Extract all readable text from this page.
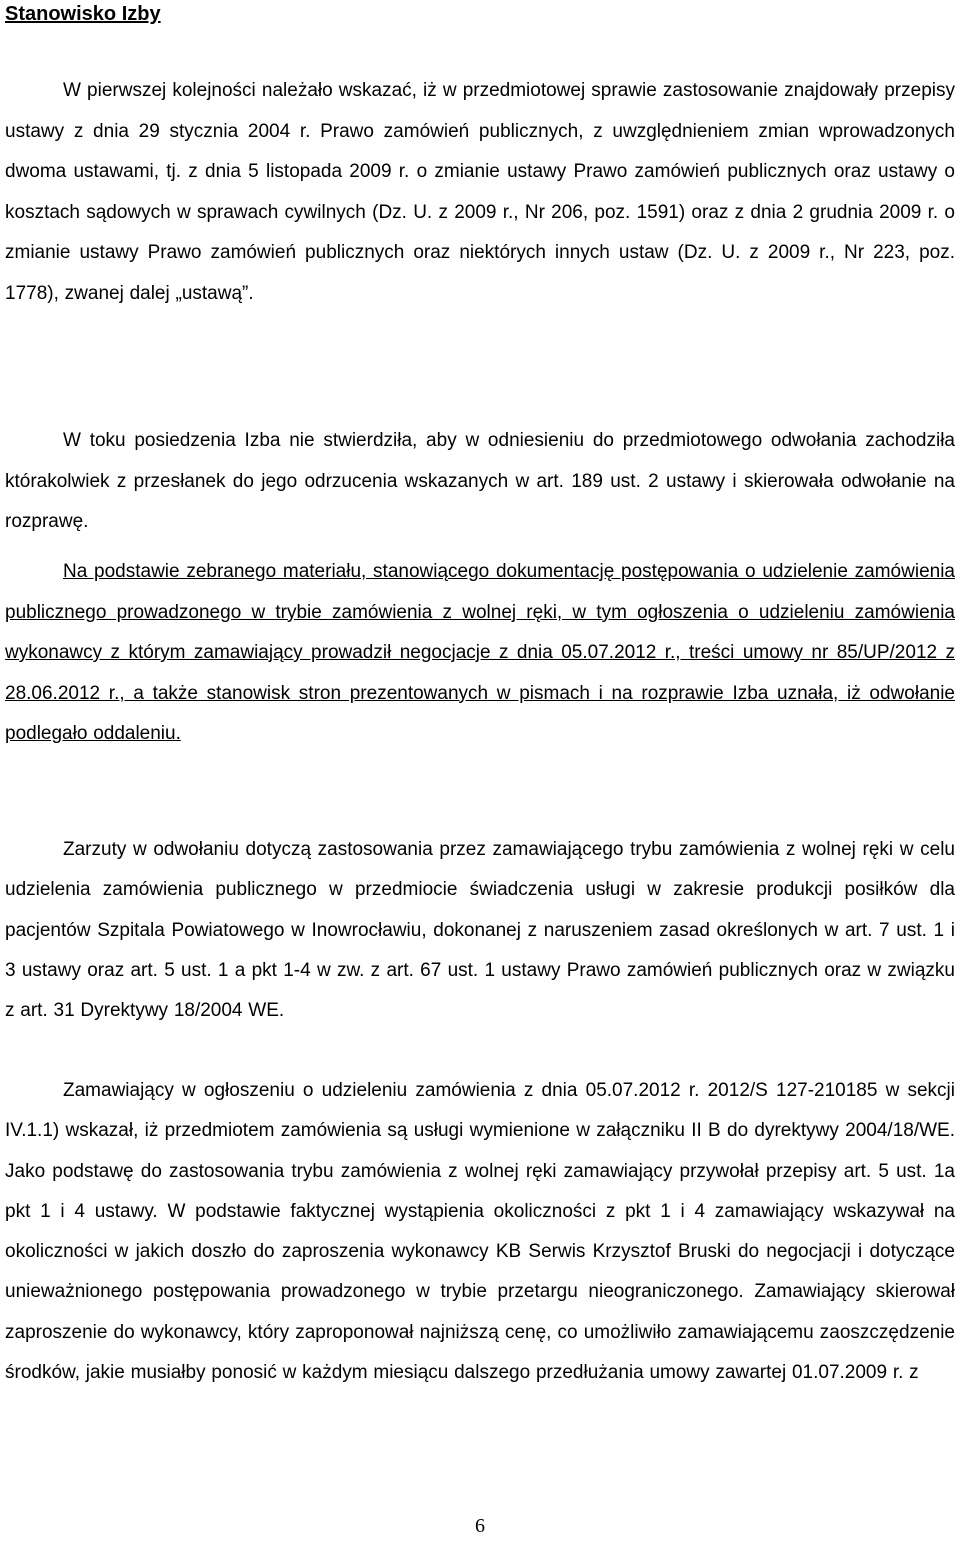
Stanowisko Izby

W pierwszej kolejności należało wskazać, iż w przedmiotowej sprawie zastosowanie znajdowały przepisy ustawy z dnia 29 stycznia 2004 r. Prawo zamówień publicznych, z uwzględnieniem zmian wprowadzonych dwoma ustawami, tj. z dnia 5 listopada 2009 r. o zmianie ustawy Prawo zamówień publicznych oraz ustawy o kosztach sądowych w sprawach cywilnych (Dz. U. z 2009 r., Nr 206, poz. 1591) oraz z dnia 2 grudnia 2009 r. o zmianie ustawy Prawo zamówień publicznych oraz niektórych innych ustaw (Dz. U. z 2009 r., Nr 223, poz. 1778), zwanej dalej „ustawą”.

W toku posiedzenia Izba nie stwierdziła, aby w odniesieniu do przedmiotowego odwołania zachodziła którakolwiek z przesłanek do jego odrzucenia wskazanych w art. 189 ust. 2 ustawy i skierowała odwołanie na rozprawę.

Na podstawie zebranego materiału, stanowiącego dokumentację postępowania o udzielenie zamówienia publicznego prowadzonego w trybie zamówienia z wolnej ręki, w tym ogłoszenia o udzieleniu zamówienia wykonawcy z którym zamawiający prowadził negocjacje z dnia 05.07.2012 r., treści umowy nr 85/UP/2012 z 28.06.2012 r., a także stanowisk stron prezentowanych w pismach i na rozprawie Izba uznała, iż odwołanie podlegało oddaleniu.

Zarzuty w odwołaniu dotyczą zastosowania przez zamawiającego trybu zamówienia z wolnej ręki w celu udzielenia zamówienia publicznego w przedmiocie świadczenia usługi w zakresie produkcji posiłków dla pacjentów Szpitala Powiatowego w Inowrocławiu, dokonanej z naruszeniem zasad określonych w art. 7 ust. 1 i 3 ustawy oraz art. 5 ust. 1 a pkt 1-4 w zw. z art. 67 ust. 1 ustawy Prawo zamówień publicznych oraz w związku z art. 31 Dyrektywy 18/2004 WE.

Zamawiający w ogłoszeniu o udzieleniu zamówienia z dnia 05.07.2012 r. 2012/S 127-210185 w sekcji IV.1.1) wskazał, iż przedmiotem zamówienia są usługi wymienione w załączniku II B do dyrektywy 2004/18/WE. Jako podstawę do zastosowania trybu zamówienia z wolnej ręki zamawiający przywołał przepisy art. 5 ust. 1a pkt 1 i 4 ustawy. W podstawie faktycznej wystąpienia okoliczności z pkt 1 i 4 zamawiający wskazywał na okoliczności w jakich doszło do zaproszenia wykonawcy KB Serwis Krzysztof Bruski do negocjacji i dotyczące unieważnionego postępowania prowadzonego w trybie przetargu nieograniczonego. Zamawiający skierował zaproszenie do wykonawcy, który zaproponował najniższą cenę, co umożliwiło zamawiającemu zaoszczędzenie środków, jakie musiałby ponosić w każdym miesiącu dalszego przedłużania umowy zawartej 01.07.2009 r. z

6
